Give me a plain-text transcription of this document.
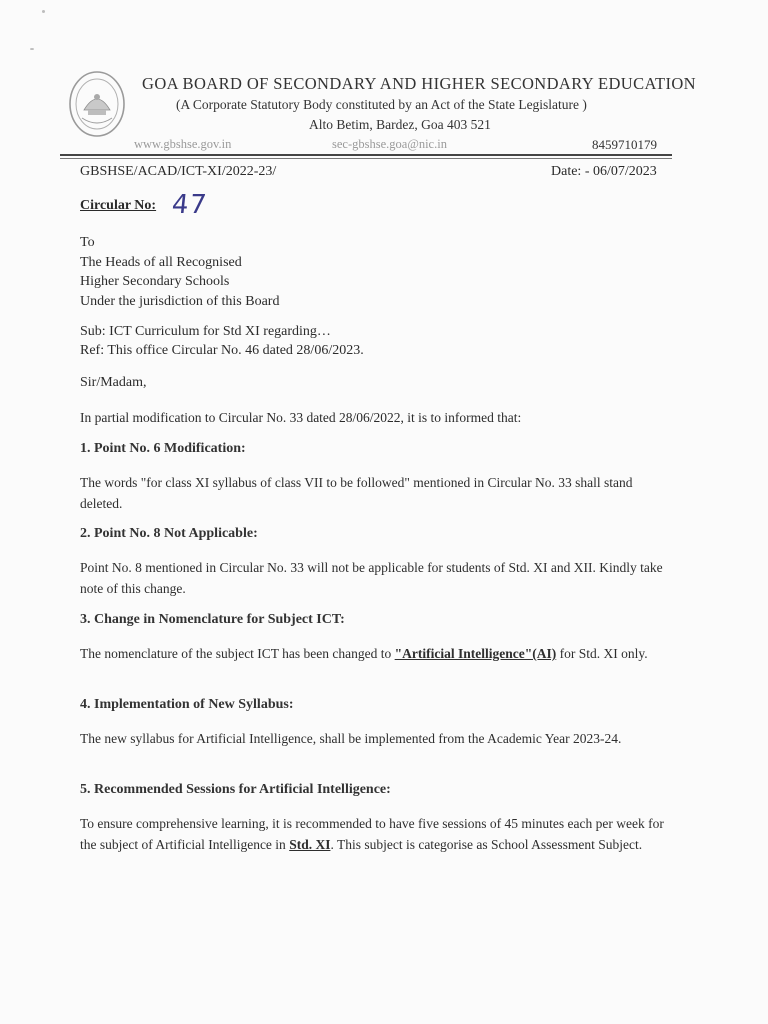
GOA BOARD OF SECONDARY AND HIGHER SECONDARY EDUCATION
(A Corporate Statutory Body constituted by an Act of the State Legislature )
Alto Betim, Bardez, Goa 403 521
www.gbshse.gov.in	sec-gbshse.goa@nic.in	8459710179
GBSHSE/ACAD/ICT-XI/2022-23/	Date: - 06/07/2023
Circular No: 47
To
The Heads of all Recognised
Higher Secondary Schools
Under the jurisdiction of this Board
Sub: ICT Curriculum for Std XI regarding…
Ref: This office Circular No. 46 dated 28/06/2023.
Sir/Madam,
In partial modification to Circular No. 33 dated 28/06/2022, it is to informed that:
1. Point No. 6 Modification:
The words "for class XI syllabus of class VII to be followed" mentioned in Circular No. 33 shall stand deleted.
2. Point No. 8 Not Applicable:
Point No. 8 mentioned in Circular No. 33 will not be applicable for students of Std. XI and XII. Kindly take note of this change.
3. Change in Nomenclature for Subject ICT:
The nomenclature of the subject ICT has been changed to "Artificial Intelligence"(AI) for Std. XI only.
4. Implementation of New Syllabus:
The new syllabus for Artificial Intelligence, shall be implemented from the Academic Year 2023-24.
5. Recommended Sessions for Artificial Intelligence:
To ensure comprehensive learning, it is recommended to have five sessions of 45 minutes each per week for the subject of Artificial Intelligence in Std. XI. This subject is categorise as School Assessment Subject.
